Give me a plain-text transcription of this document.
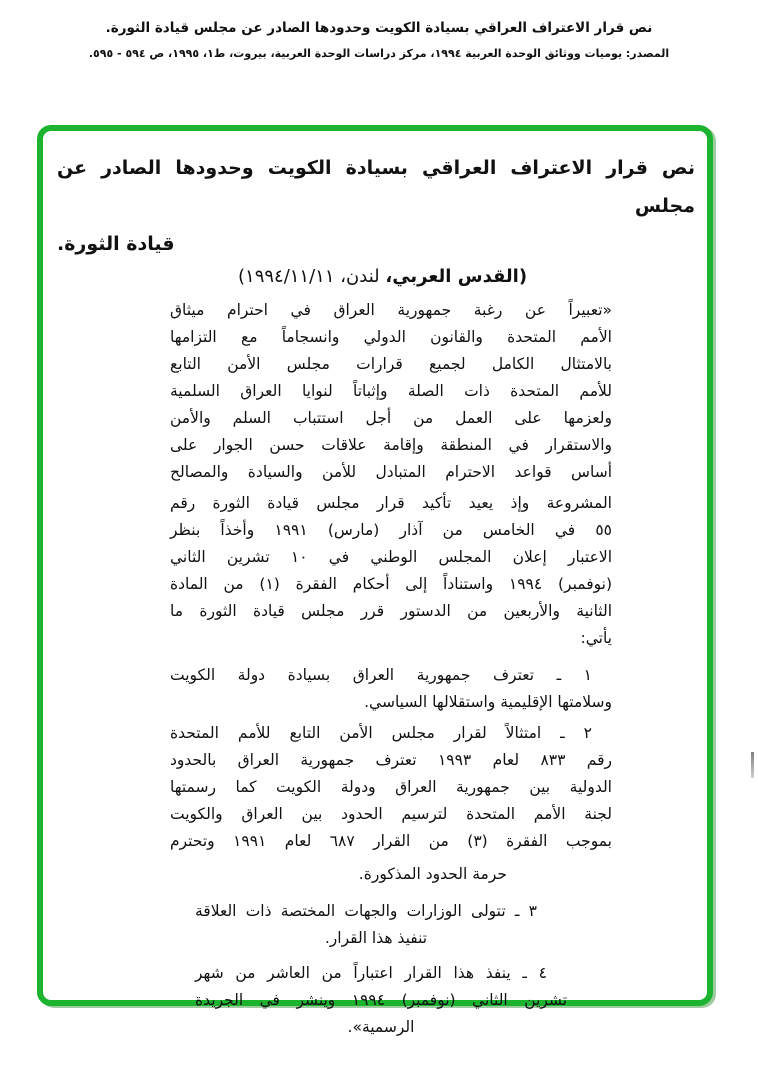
نص قرار الاعتراف العراقي بسيادة الكويت وحدودها الصادر عن مجلس قيادة الثورة.
المصدر: يوميات ووثائق الوحدة العربية ١٩٩٤، مركز دراسات الوحدة العربية، بيروت، ط١، ١٩٩٥، ص ٥٩٤ - ٥٩٥.
نص قرار الاعتراف العراقي بسيادة الكويت وحدودها الصادر عن مجلس
قيادة الثورة.
(القدس العربي، لندن، ١٩٩٤/١١/١١)
«تعبيراً عن رغبة جمهورية العراق في احترام ميثاق
الأمم المتحدة والقانون الدولي وانسجاماً مع التزامها
بالامتثال الكامل لجميع قرارات مجلس الأمن التابع
للأمم المتحدة ذات الصلة وإثباتاً لنوايا العراق السلمية
ولعزمها على العمل من أجل استتباب السلم والأمن
والاستقرار في المنطقة وإقامة علاقات حسن الجوار على
أساس قواعد الاحترام المتبادل للأمن والسيادة والمصالح
المشروعة وإذ يعيد تأكيد قرار مجلس قيادة الثورة رقم
٥٥ في الخامس من آذار (مارس) ١٩٩١ وأخذاً بنظر
الاعتبار إعلان المجلس الوطني في ١٠ تشرين الثاني
(نوفمبر) ١٩٩٤ واستناداً إلى أحكام الفقرة (١) من المادة
الثانية والأربعين من الدستور قرر مجلس قيادة الثورة ما
يأتي:
١ ـ تعترف جمهورية العراق بسيادة دولة الكويت
وسلامتها الإقليمية واستقلالها السياسي.
٢ ـ امتثالاً لقرار مجلس الأمن التابع للأمم المتحدة
رقم ٨٣٣ لعام ١٩٩٣ تعترف جمهورية العراق بالحدود
الدولية بين جمهورية العراق ودولة الكويت كما رسمتها
لجنة الأمم المتحدة لترسيم الحدود بين العراق والكويت
بموجب الفقرة (٣) من القرار ٦٨٧ لعام ١٩٩١ وتحترم
حرمة الحدود المذكورة.
٣ ـ تتولى الوزارات والجهات المختصة ذات العلاقة
تنفيذ هذا القرار.
٤ ـ ينفذ هذا القرار اعتباراً من العاشر من شهر
تشرين الثاني (نوفمبر) ١٩٩٤ وينشر في الجريدة
الرسمية».
